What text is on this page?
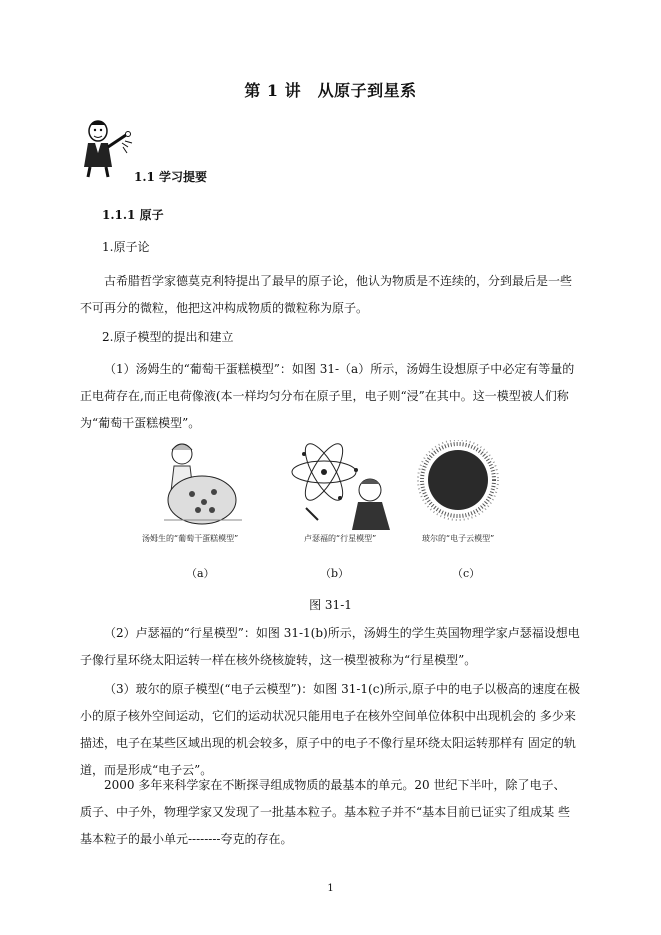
第 1 讲　从原子到星系
1.1 学习提要
1.1.1 原子
1.原子论
古希腊哲学家德莫克利特提出了最早的原子论，他认为物质是不连续的，分到最后是一些不可再分的微粒，他把这冲构成物质的微粒称为原子。
2.原子模型的提出和建立
（1）汤姆生的“葡萄干蛋糕模型”：如图 31-（a）所示，汤姆生设想原子中必定有等量的正电荷存在,而正电荷像液(本一样均匀分布在原子里，电子则“浸”在其中。这一模型被人们称为“葡萄干蛋糕模型”。
汤姆生的“葡萄干蛋糕模型”	卢瑟福的“行星模型”	玻尔的“电子云模型”
（a）	（b）	（c）
图 31-1
（2）卢瑟福的“行星模型”：如图 31-1(b)所示，汤姆生的学生英国物理学家卢瑟福设想电子像行星环绕太阳运转一样在核外绕核旋转，这一模型被称为“行星模型”。
（3）玻尔的原子模型(“电子云模型”)：如图 31-1(c)所示,原子中的电子以极高的速度在极小的原子核外空间运动，它们的运动状况只能用电子在核外空间单位体积中出现机会的 多少来描述，电子在某些区域出现的机会较多，原子中的电子不像行星环绕太阳运转那样有 固定的轨道，而是形成“电子云”。
2000 多年来科学家在不断探寻组成物质的最基本的单元。20 世纪下半叶，除了电子、 质子、中子外，物理学家又发现了一批基本粒子。基本粒子并不“基本目前已证实了组成某 些基本粒子的最小单元--------夸克的存在。
1
